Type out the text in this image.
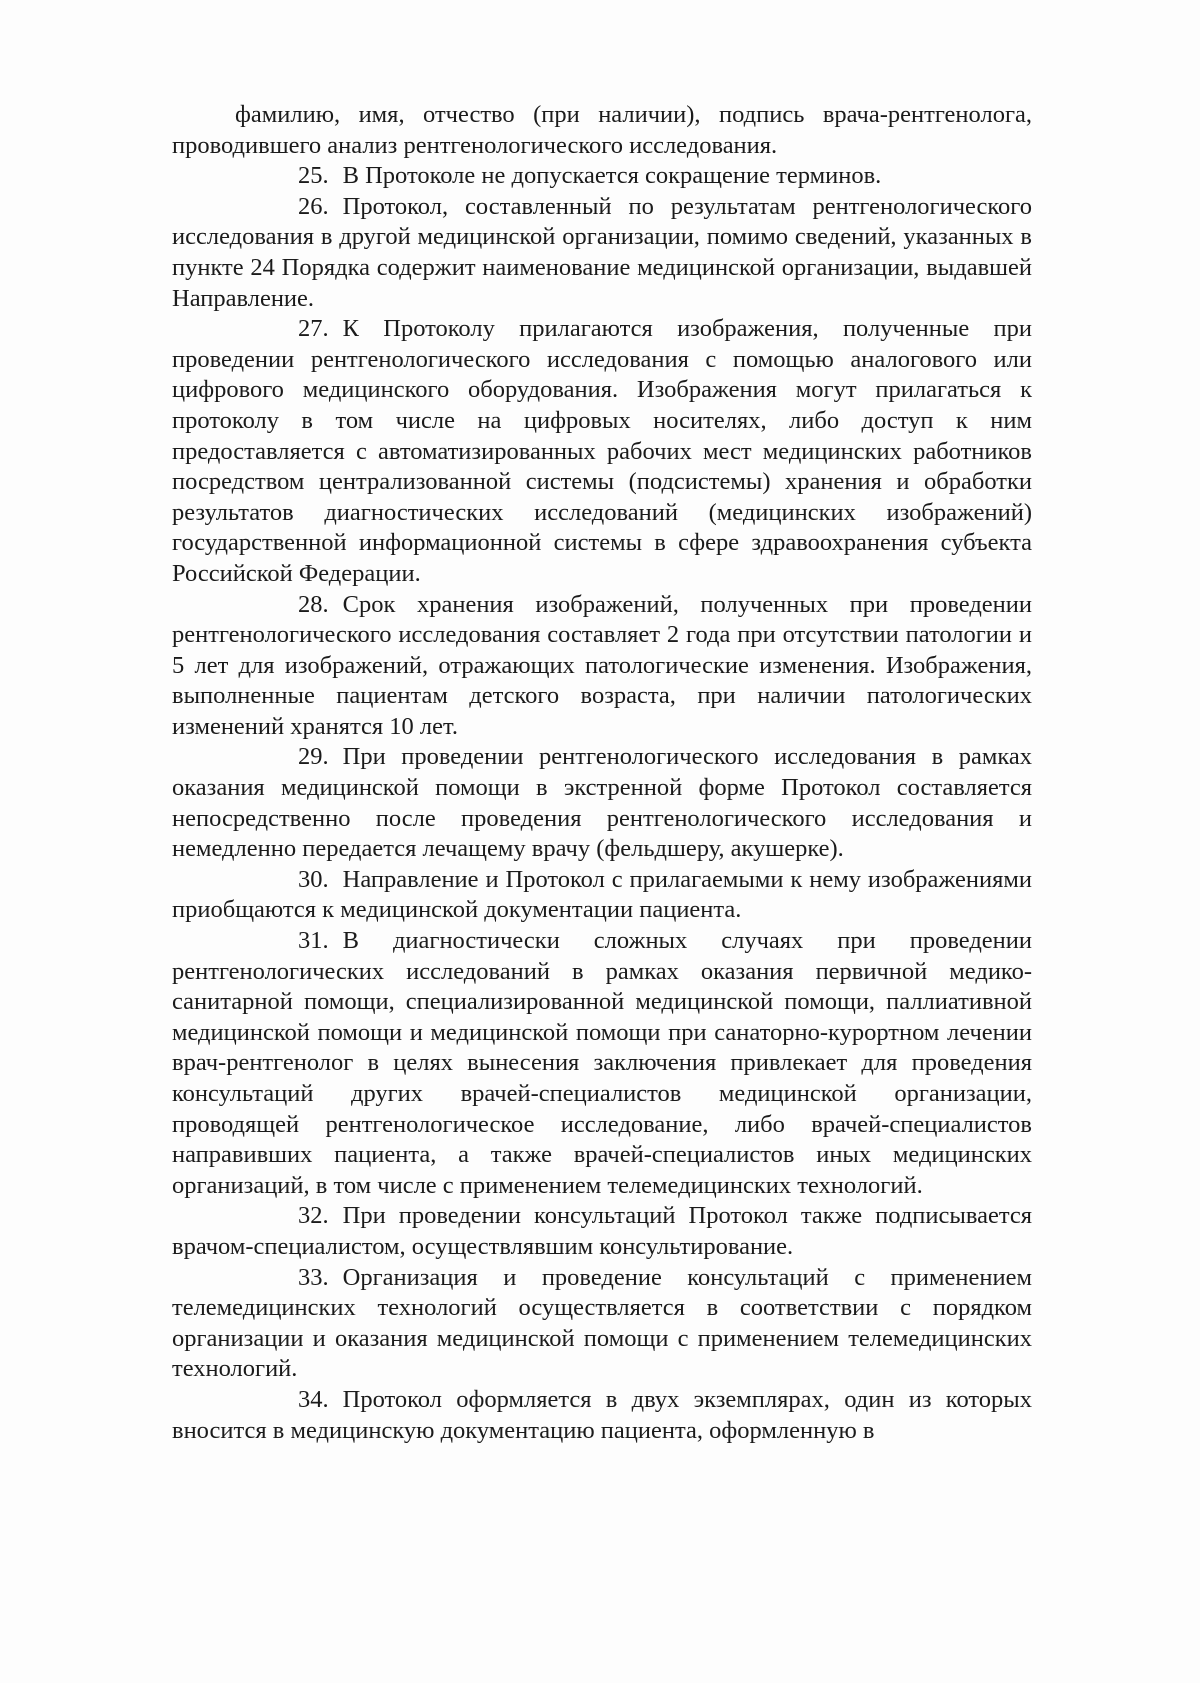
фамилию, имя, отчество (при наличии), подпись врача-рентгенолога, проводившего анализ рентгенологического исследования.

25. В Протоколе не допускается сокращение терминов.

26. Протокол, составленный по результатам рентгенологического исследования в другой медицинской организации, помимо сведений, указанных в пункте 24 Порядка содержит наименование медицинской организации, выдавшей Направление.

27. К Протоколу прилагаются изображения, полученные при проведении рентгенологического исследования с помощью аналогового или цифрового медицинского оборудования. Изображения могут прилагаться к протоколу в том числе на цифровых носителях, либо доступ к ним предоставляется с автоматизированных рабочих мест медицинских работников посредством централизованной системы (подсистемы) хранения и обработки результатов диагностических исследований (медицинских изображений) государственной информационной системы в сфере здравоохранения субъекта Российской Федерации.

28. Срок хранения изображений, полученных при проведении рентгенологического исследования составляет 2 года при отсутствии патологии и 5 лет для изображений, отражающих патологические изменения. Изображения, выполненные пациентам детского возраста, при наличии патологических изменений хранятся 10 лет.

29. При проведении рентгенологического исследования в рамках оказания медицинской помощи в экстренной форме Протокол составляется непосредственно после проведения рентгенологического исследования и немедленно передается лечащему врачу (фельдшеру, акушерке).

30. Направление и Протокол с прилагаемыми к нему изображениями приобщаются к медицинской документации пациента.

31. В диагностически сложных случаях при проведении рентгенологических исследований в рамках оказания первичной медико-санитарной помощи, специализированной медицинской помощи, паллиативной медицинской помощи и медицинской помощи при санаторно-курортном лечении врач-рентгенолог в целях вынесения заключения привлекает для проведения консультаций других врачей-специалистов медицинской организации, проводящей рентгенологическое исследование, либо врачей-специалистов направивших пациента, а также врачей-специалистов иных медицинских организаций, в том числе с применением телемедицинских технологий.

32. При проведении консультаций Протокол также подписывается врачом-специалистом, осуществлявшим консультирование.

33. Организация и проведение консультаций с применением телемедицинских технологий осуществляется в соответствии с порядком организации и оказания медицинской помощи с применением телемедицинских технологий.

34. Протокол оформляется в двух экземплярах, один из которых вносится в медицинскую документацию пациента, оформленную в
